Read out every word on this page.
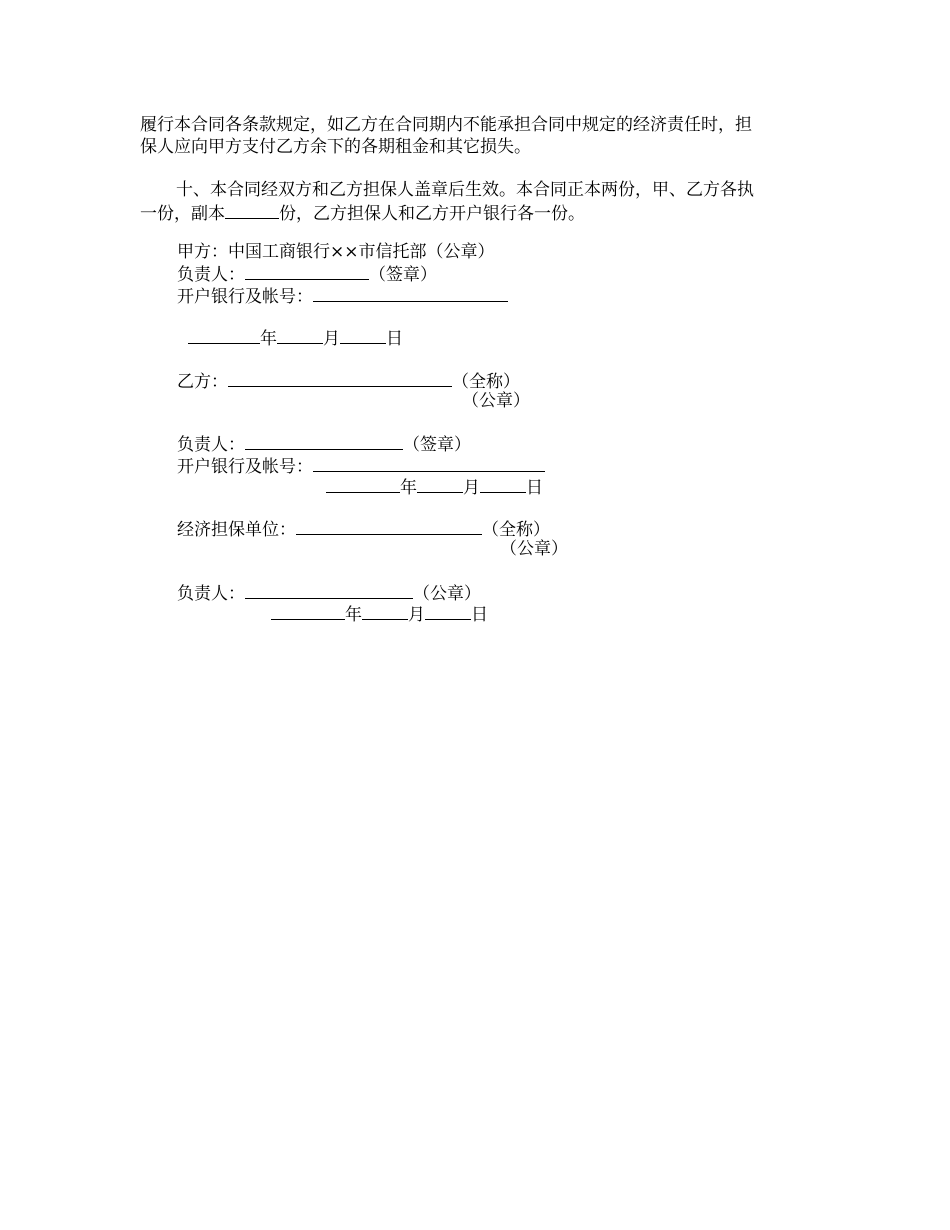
履行本合同各条款规定，如乙方在合同期内不能承担合同中规定的经济责任时，担
保人应向甲方支付乙方余下的各期租金和其它损失。
十、本合同经双方和乙方担保人盖章后生效。本合同正本两份，甲、乙方各执
一份，副本	份，乙方担保人和乙方开户银行各一份。
甲方：中国工商银行××市信托部（公章）
负责人：	（签章）
开户银行及帐号：
年	月	日
乙方：	（全称）
（公章）
负责人：	（签章）
开户银行及帐号：
年	月	日
经济担保单位：	（全称）
（公章）
负责人：	（公章）
年	月	日
